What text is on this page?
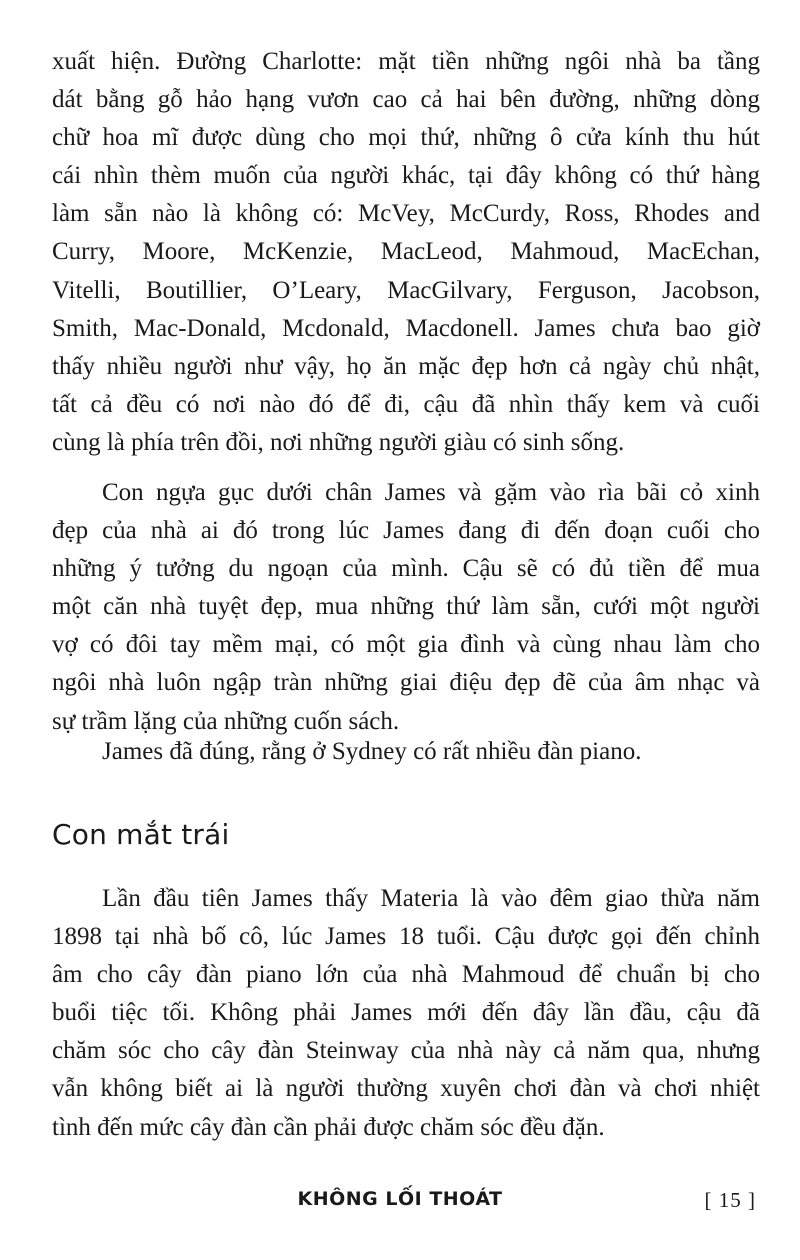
xuất hiện. Đường Charlotte: mặt tiền những ngôi nhà ba tầng
dát bằng gỗ hảo hạng vươn cao cả hai bên đường, những dòng
chữ hoa mĩ được dùng cho mọi thứ, những ô cửa kính thu hút
cái nhìn thèm muốn của người khác, tại đây không có thứ hàng
làm sẵn nào là không có: McVey, McCurdy, Ross, Rhodes and
Curry, Moore, McKenzie, MacLeod, Mahmoud, MacEchan,
Vitelli, Boutillier, O’Leary, MacGilvary, Ferguson, Jacobson,
Smith, Mac-Donald, Mcdonald, Macdonell. James chưa bao giờ
thấy nhiều người như vậy, họ ăn mặc đẹp hơn cả ngày chủ nhật,
tất cả đều có nơi nào đó để đi, cậu đã nhìn thấy kem và cuối
cùng là phía trên đồi, nơi những người giàu có sinh sống.
Con ngựa gục dưới chân James và gặm vào rìa bãi cỏ xinh
đẹp của nhà ai đó trong lúc James đang đi đến đoạn cuối cho
những ý tưởng du ngoạn của mình. Cậu sẽ có đủ tiền để mua
một căn nhà tuyệt đẹp, mua những thứ làm sẵn, cưới một người
vợ có đôi tay mềm mại, có một gia đình và cùng nhau làm cho
ngôi nhà luôn ngập tràn những giai điệu đẹp đẽ của âm nhạc và
sự trầm lặng của những cuốn sách.
James đã đúng, rằng ở Sydney có rất nhiều đàn piano.
Con mắt trái
Lần đầu tiên James thấy Materia là vào đêm giao thừa năm
1898 tại nhà bố cô, lúc James 18 tuổi. Cậu được gọi đến chỉnh
âm cho cây đàn piano lớn của nhà Mahmoud để chuẩn bị cho
buổi tiệc tối. Không phải James mới đến đây lần đầu, cậu đã
chăm sóc cho cây đàn Steinway của nhà này cả năm qua, nhưng
vẫn không biết ai là người thường xuyên chơi đàn và chơi nhiệt
tình đến mức cây đàn cần phải được chăm sóc đều đặn.
KHÔNG LỐI THOÁT	[ 15 ]
